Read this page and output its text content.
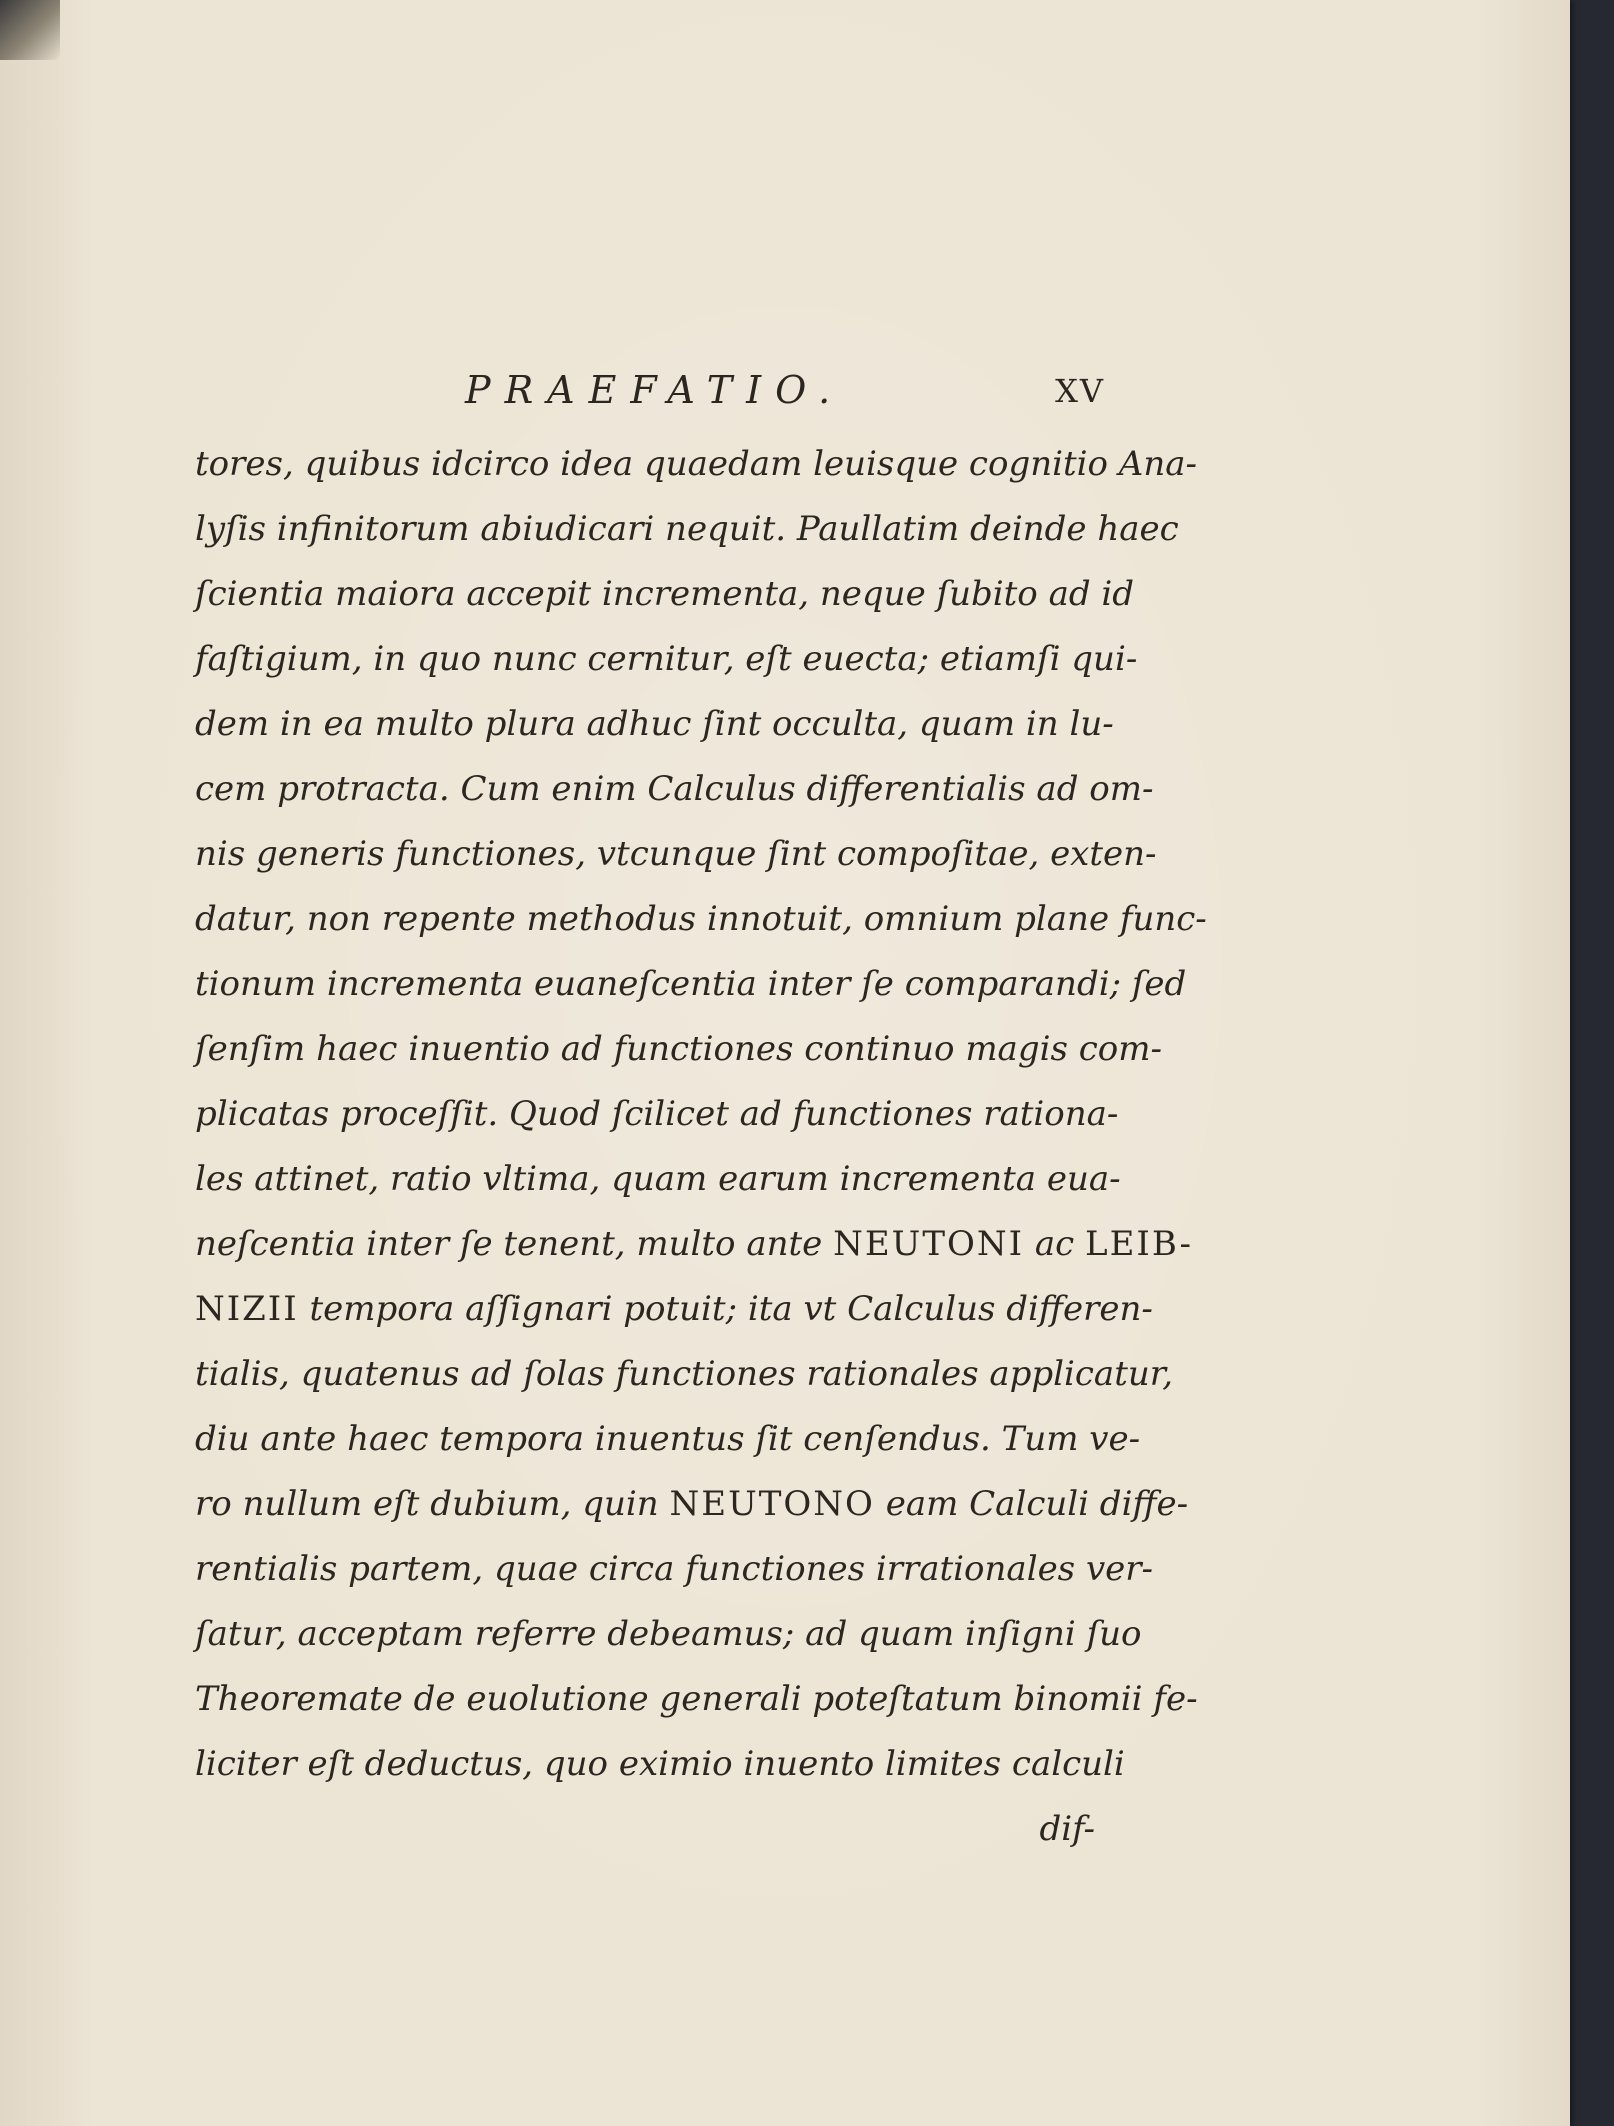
PRAEFATIO.	XV
tores, quibus idcirco idea quaedam leuisque cognitio Ana-
lyſis infinitorum abiudicari nequit. Paullatim deinde haec
ſcientia maiora accepit incrementa, neque ſubito ad id
faſtigium, in quo nunc cernitur, eſt euecta; etiamſi qui-
dem in ea multo plura adhuc ſint occulta, quam in lu-
cem protracta. Cum enim Calculus differentialis ad om-
nis generis functiones, vtcunque ſint compoſitae, exten-
datur, non repente methodus innotuit, omnium plane func-
tionum incrementa euaneſcentia inter ſe comparandi; ſed
ſenſim haec inuentio ad functiones continuo magis com-
plicatas proceſſit. Quod ſcilicet ad functiones rationa-
les attinet, ratio vltima, quam earum incrementa eua-
neſcentia inter ſe tenent, multo ante NEUTONI ac LEIB-
NIZII tempora aſſignari potuit; ita vt Calculus differen-
tialis, quatenus ad ſolas functiones rationales applicatur,
diu ante haec tempora inuentus ſit cenſendus. Tum ve-
ro nullum eſt dubium, quin NEUTONO eam Calculi diffe-
rentialis partem, quae circa functiones irrationales ver-
ſatur, acceptam referre debeamus; ad quam inſigni ſuo
Theoremate de euolutione generali poteſtatum binomii fe-
liciter eſt deductus, quo eximio inuento limites calculi
dif-
